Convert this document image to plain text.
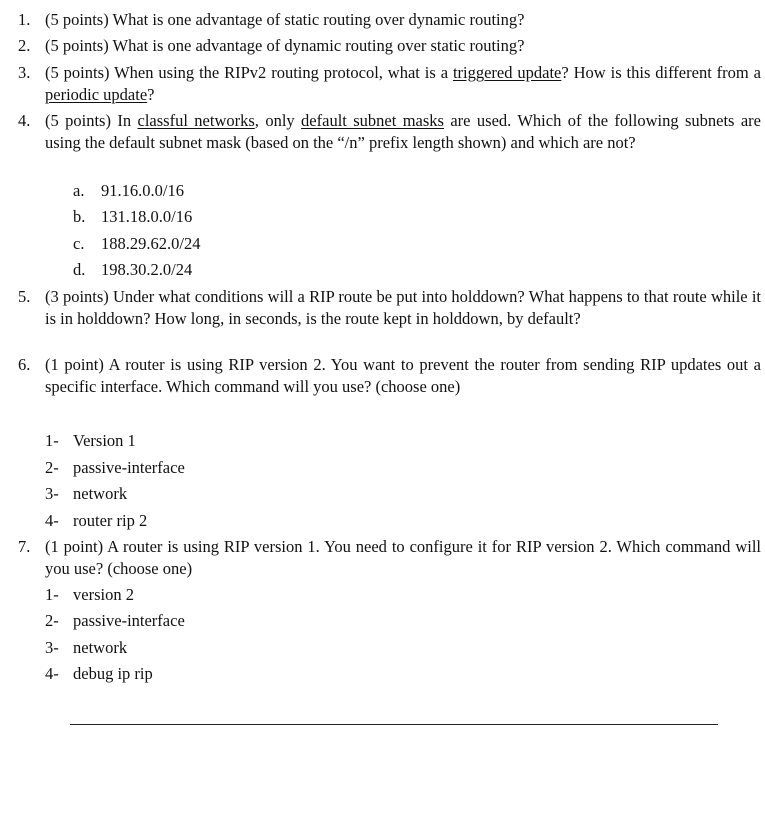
1. (5 points) What is one advantage of static routing over dynamic routing?
2. (5 points) What is one advantage of dynamic routing over static routing?
3. (5 points) When using the RIPv2 routing protocol, what is a triggered update? How is this different from a periodic update?
4. (5 points) In classful networks, only default subnet masks are used. Which of the following subnets are using the default subnet mask (based on the “/n” prefix length shown) and which are not?
a. 91.16.0.0/16
b. 131.18.0.0/16
c. 188.29.62.0/24
d. 198.30.2.0/24
5. (3 points) Under what conditions will a RIP route be put into holddown? What happens to that route while it is in holddown? How long, in seconds, is the route kept in holddown, by default?
6. (1 point) A router is using RIP version 2. You want to prevent the router from sending RIP updates out a specific interface. Which command will you use? (choose one)
1- Version 1
2- passive-interface
3- network
4- router rip 2
7. (1 point) A router is using RIP version 1. You need to configure it for RIP version 2. Which command will you use? (choose one)
1- version 2
2- passive-interface
3- network
4- debug ip rip
